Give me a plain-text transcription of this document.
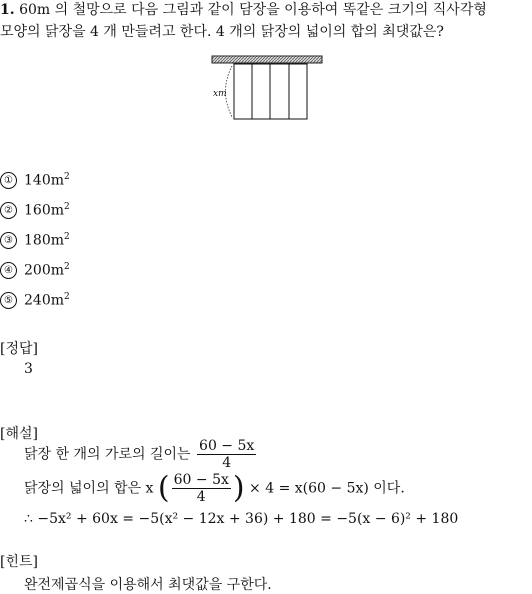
1. 60m 의 철망으로 다음 그림과 같이 담장을 이용하여 똑같은 크기의 직사각형
모양의 닭장을 4 개 만들려고 한다. 4 개의 닭장의 넓이의 합의 최댓값은?
xm
① $140m^2$
② $160m^2$
③ $180m^2$
④ $200m^2$
⑤ $240m^2$
[정답]
3
[해설]
닭장 한 개의 가로의 길이는 $\frac{60 - 5x}{4}$
닭장의 넓이의 합은 x ( $\frac{60 - 5x}{4}$ ) × 4 = x(60 − 5x) 이다.
∴ −5x² + 60x = −5(x² − 12x + 36) + 180 = −5(x − 6)² + 180
[힌트]
완전제곱식을 이용해서 최댓값을 구한다.
